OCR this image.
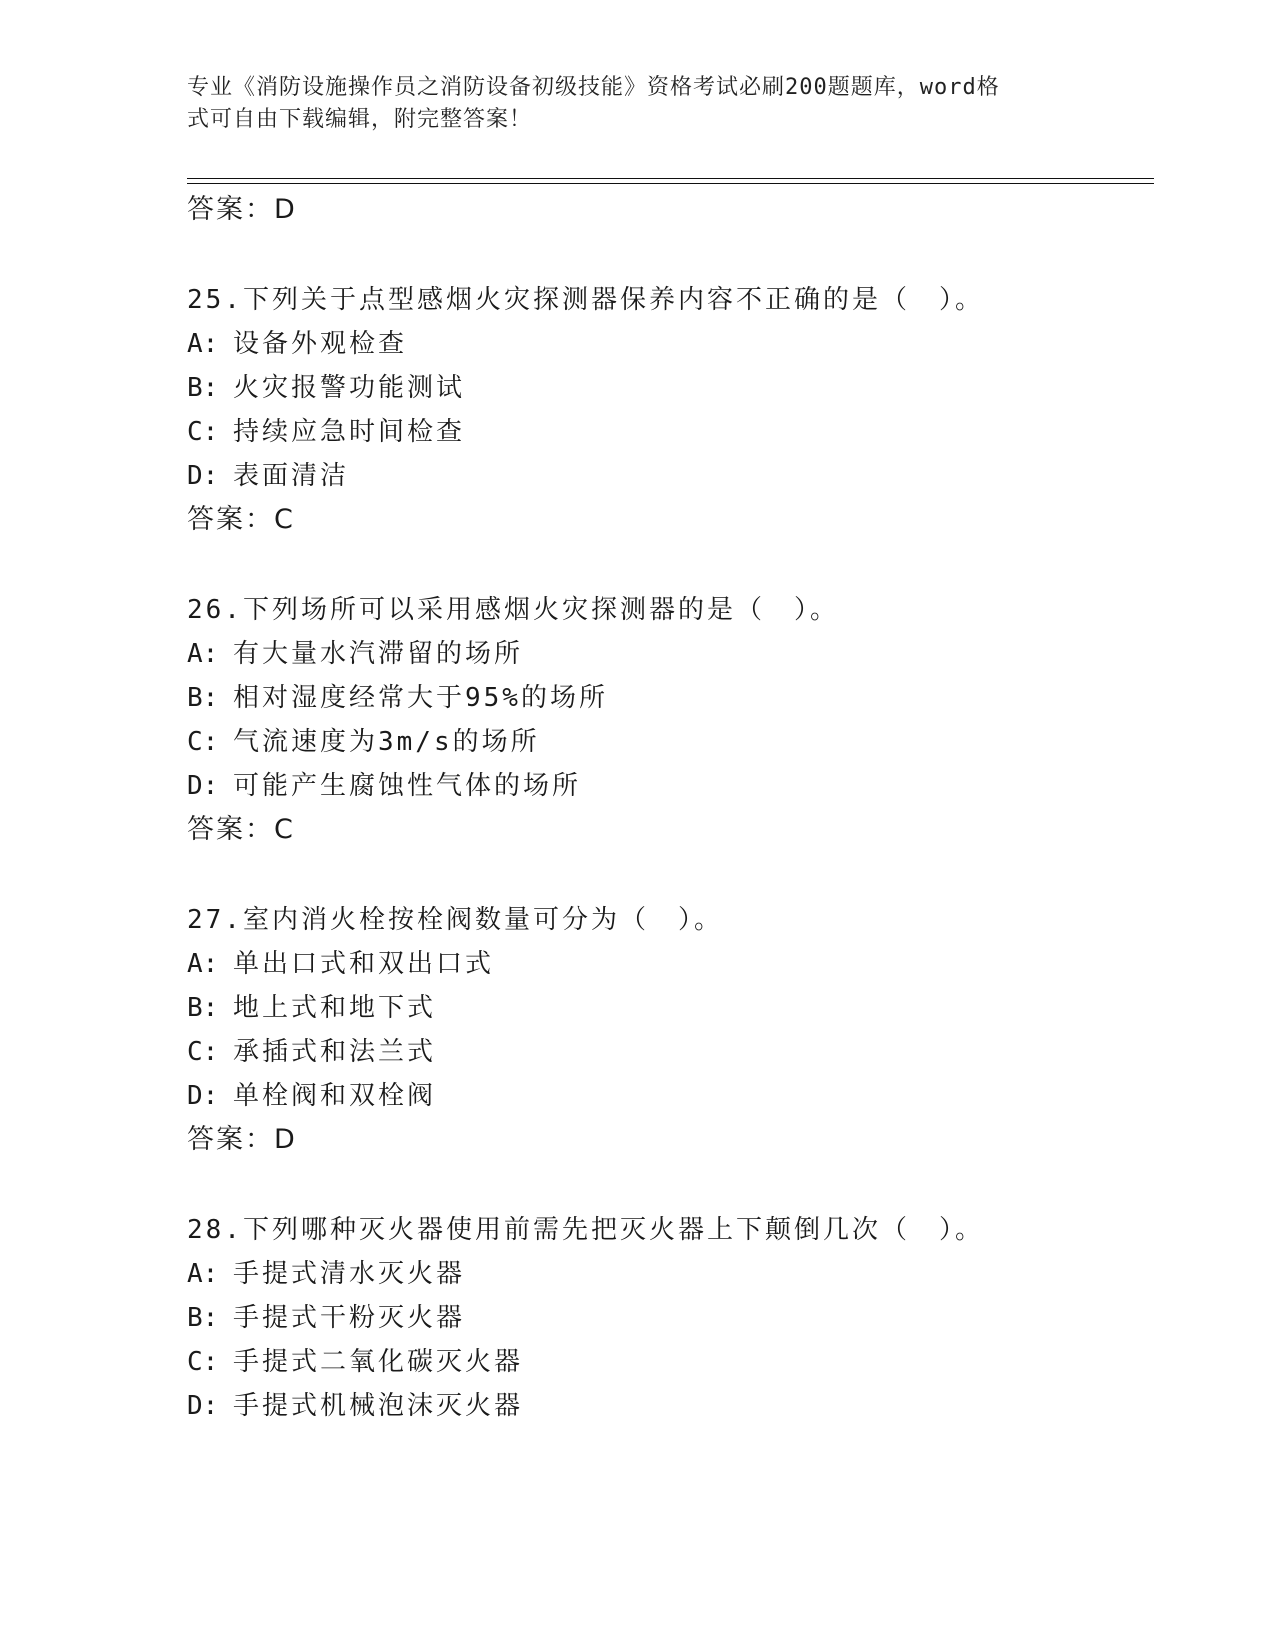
专业《消防设施操作员之消防设备初级技能》资格考试必刷200题题库，word格
式可自由下载编辑，附完整答案！
答案：D
25.下列关于点型感烟火灾探测器保养内容不正确的是（　）。
A: 设备外观检查
B: 火灾报警功能测试
C: 持续应急时间检查
D: 表面清洁
答案：C
26.下列场所可以采用感烟火灾探测器的是（　）。
A: 有大量水汽滞留的场所
B: 相对湿度经常大于95%的场所
C: 气流速度为3m/s的场所
D: 可能产生腐蚀性气体的场所
答案：C
27.室内消火栓按栓阀数量可分为（　）。
A: 单出口式和双出口式
B: 地上式和地下式
C: 承插式和法兰式
D: 单栓阀和双栓阀
答案：D
28.下列哪种灭火器使用前需先把灭火器上下颠倒几次（　）。
A: 手提式清水灭火器
B: 手提式干粉灭火器
C: 手提式二氧化碳灭火器
D: 手提式机械泡沫灭火器
